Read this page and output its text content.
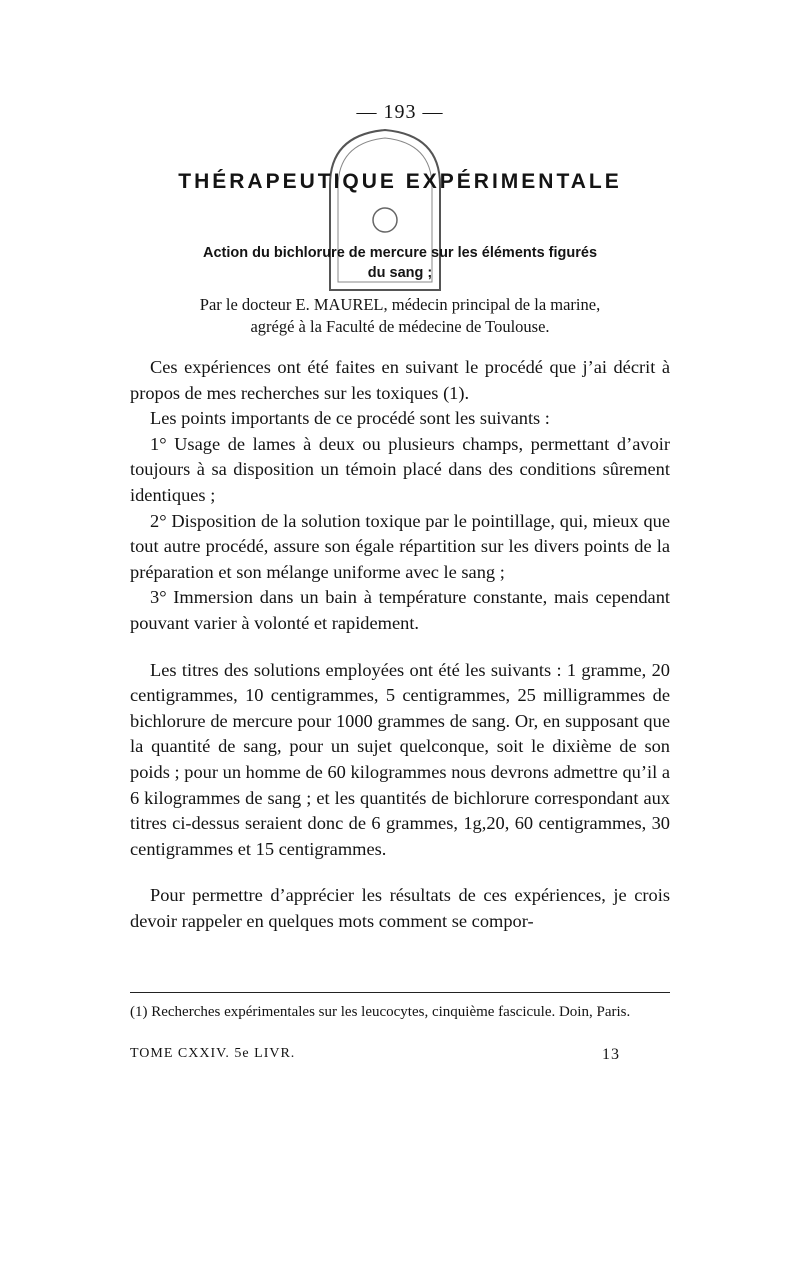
— 193 —
THÉRAPEUTIQUE EXPÉRIMENTALE
Action du bichlorure de mercure sur les éléments figurés
du sang ;
Par le docteur E. MAUREL, médecin principal de la marine,
agrégé à la Faculté de médecine de Toulouse.

Ces expériences ont été faites en suivant le procédé que j’ai décrit à propos de mes recherches sur les toxiques (1).

Les points importants de ce procédé sont les suivants :

1° Usage de lames à deux ou plusieurs champs, permettant d’avoir toujours à sa disposition un témoin placé dans des conditions sûrement identiques ;

2° Disposition de la solution toxique par le pointillage, qui, mieux que tout autre procédé, assure son égale répartition sur les divers points de la préparation et son mélange uniforme avec le sang ;

3° Immersion dans un bain à température constante, mais cependant pouvant varier à volonté et rapidement.

Les titres des solutions employées ont été les suivants : 1 gramme, 20 centigrammes, 10 centigrammes, 5 centigrammes, 25 milligrammes de bichlorure de mercure pour 1000 grammes de sang. Or, en supposant que la quantité de sang, pour un sujet quelconque, soit le dixième de son poids ; pour un homme de 60 kilogrammes nous devrons admettre qu’il a 6 kilogrammes de sang ; et les quantités de bichlorure correspondant aux titres ci-dessus seraient donc de 6 grammes, 1g,20, 60 centigrammes, 30 centigrammes et 15 centigrammes.

Pour permettre d’apprécier les résultats de ces expériences, je crois devoir rappeler en quelques mots comment se compor-

(1) Recherches expérimentales sur les leucocytes, cinquième fascicule. Doin, Paris.
TOME CXXIV. 5e LIVR.	13
